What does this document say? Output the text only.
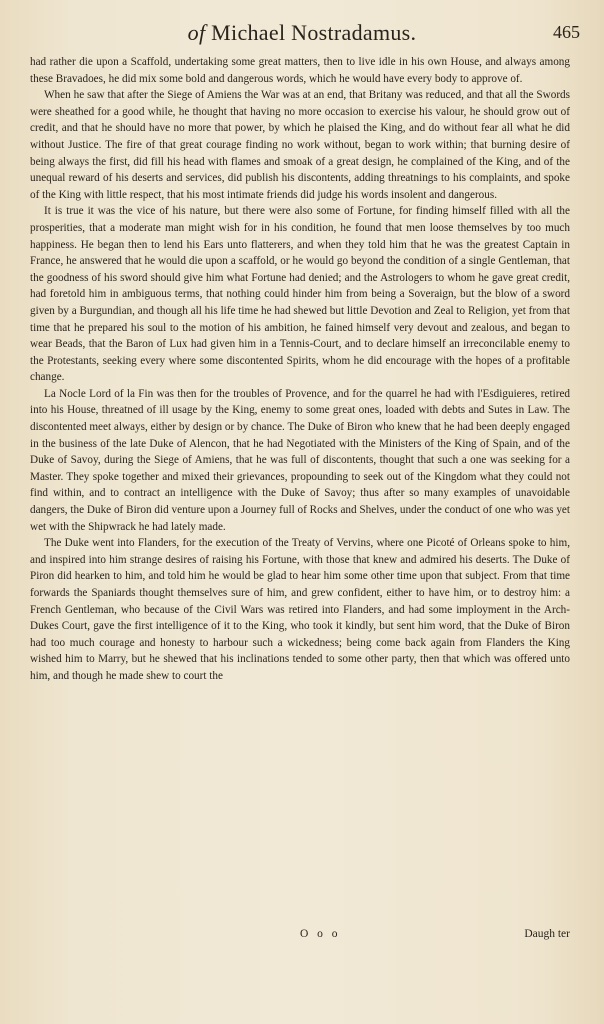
of Michael Nostradamus.	465

had rather die upon a Scaffold, undertaking some great matters, then to live idle in his own House, and always among these Bravadoes, he did mix some bold and dangerous words, which he would have every body to approve of.

When he saw that after the Siege of Amiens the War was at an end, that Britany was reduced, and that all the Swords were sheathed for a good while, he thought that having no more occasion to exercise his valour, he should grow out of credit, and that he should have no more that power, by which he plaised the King, and do without fear all what he did without Justice. The fire of that great courage finding no work without, began to work within; that burning desire of being always the first, did fill his head with flames and smoak of a great design, he complained of the King, and of the unequal reward of his deserts and services, did publish his discontents, adding threatnings to his complaints, and spoke of the King with little respect, that his most intimate friends did judge his words insolent and dangerous.

It is true it was the vice of his nature, but there were also some of Fortune, for finding himself filled with all the prosperities, that a moderate man might wish for in his condition, he found that men loose themselves by too much happiness. He began then to lend his Ears unto flatterers, and when they told him that he was the greatest Captain in France, he answered that he would die upon a scaffold, or he would go beyond the condition of a single Gentleman, that the goodness of his sword should give him what Fortune had denied; and the Astrologers to whom he gave great credit, had foretold him in ambiguous terms, that nothing could hinder him from being a Soveraign, but the blow of a sword given by a Burgundian, and though all his life time he had shewed but little Devotion and Zeal to Religion, yet from that time that he prepared his soul to the motion of his ambition, he fained himself very devout and zealous, and began to wear Beads, that the Baron of Lux had given him in a Tennis-Court, and to declare himself an irreconcilable enemy to the Protestants, seeking every where some discontented Spirits, whom he did encourage with the hopes of a profitable change.

La Nocle Lord of la Fin was then for the troubles of Provence, and for the quarrel he had with l'Esdiguieres, retired into his House, threatned of ill usage by the King, enemy to some great ones, loaded with debts and Sutes in Law. The discontented meet always, either by design or by chance. The Duke of Biron who knew that he had been deeply engaged in the business of the late Duke of Alencon, that he had Negotiated with the Ministers of the King of Spain, and of the Duke of Savoy, during the Siege of Amiens, that he was full of discontents, thought that such a one was seeking for a Master. They spoke together and mixed their grievances, propounding to seek out of the Kingdom what they could not find within, and to contract an intelligence with the Duke of Savoy; thus after so many examples of unavoidable dangers, the Duke of Biron did venture upon a Journey full of Rocks and Shelves, under the conduct of one who was yet wet with the Shipwrack he had lately made.

The Duke went into Flanders, for the execution of the Treaty of Vervins, where one Picoté of Orleans spoke to him, and inspired into him strange desires of raising his Fortune, with those that knew and admired his deserts. The Duke of Piron did hearken to him, and told him he would be glad to hear him some other time upon that subject. From that time forwards the Spaniards thought themselves sure of him, and grew confident, either to have him, or to destroy him: a French Gentleman, who because of the Civil Wars was retired into Flanders, and had some imployment in the Arch-Dukes Court, gave the first intelligence of it to the King, who took it kindly, but sent him word, that the Duke of Biron had too much courage and honesty to harbour such a wickedness; being come back again from Flanders the King wished him to Marry, but he shewed that his inclinations tended to some other party, then that which was offered unto him, and though he made shew to court the

O o o	Daugh ter
